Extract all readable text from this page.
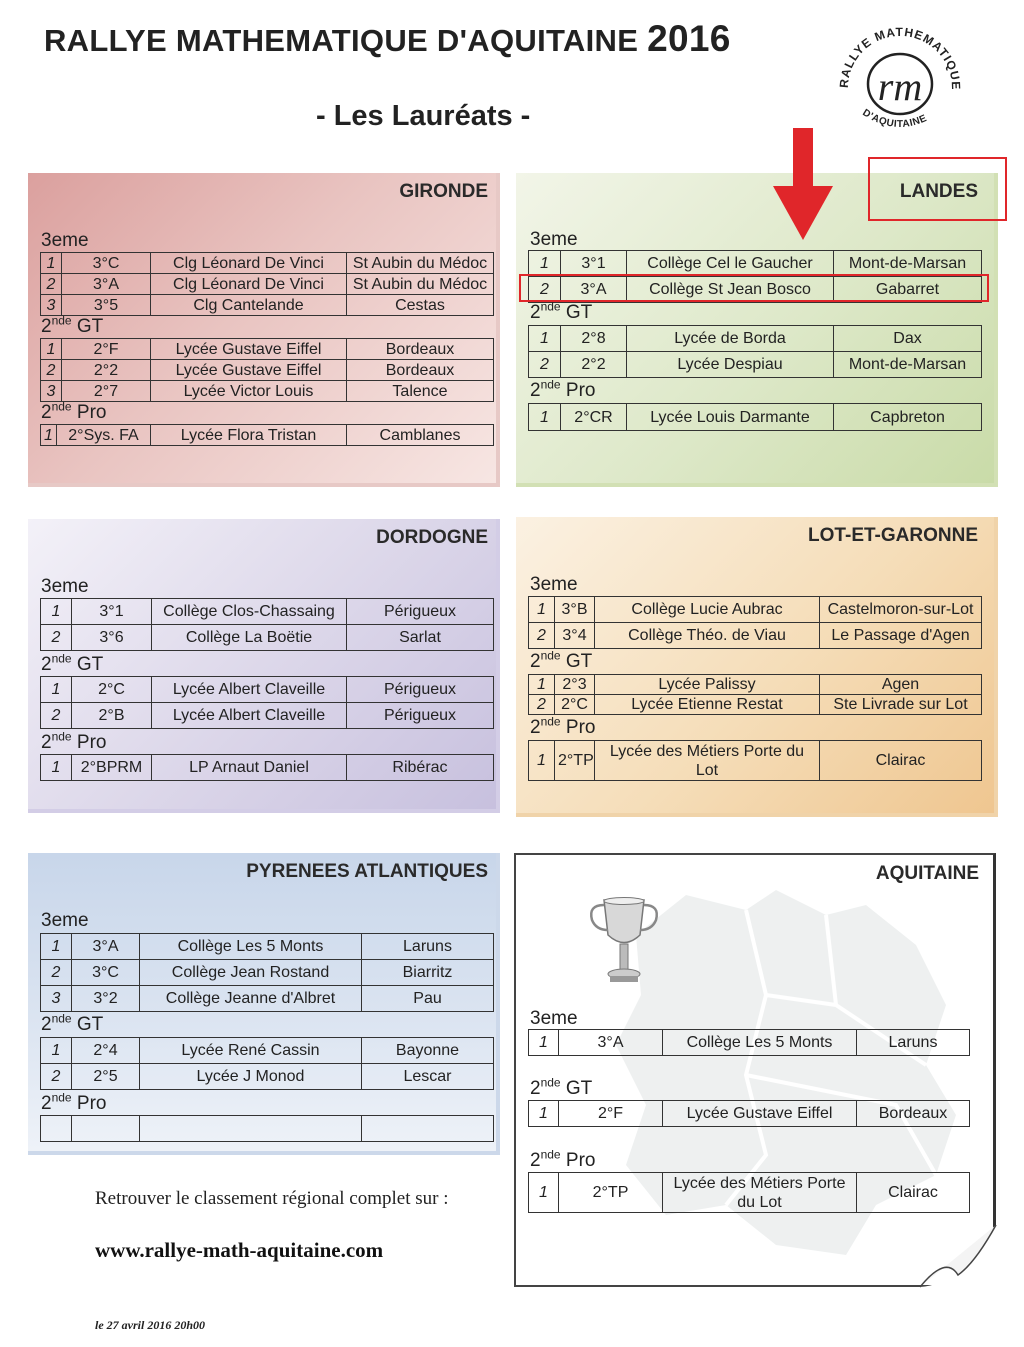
RALLYE MATHEMATIQUE D'AQUITAINE 2016
- Les Lauréats -
RALLYE MATHEMATIQUE
rm
D'AQUITAINE
GIRONDE
3eme
1	3°C	Clg Léonard De Vinci	St Aubin du Médoc
2	3°A	Clg Léonard De Vinci	St Aubin du Médoc
3	3°5	Clg Cantelande	Cestas
2nde GT
1	2°F	Lycée Gustave Eiffel	Bordeaux
2	2°2	Lycée Gustave Eiffel	Bordeaux
3	2°7	Lycée Victor Louis	Talence
2nde Pro
1	2°Sys. FA	Lycée Flora Tristan	Camblanes
LANDES
3eme
1	3°1	Collège Cel le Gaucher	Mont-de-Marsan
2	3°A	Collège St Jean Bosco	Gabarret
2nde GT
1	2°8	Lycée de Borda	Dax
2	2°2	Lycée Despiau	Mont-de-Marsan
2nde Pro
1	2°CR	Lycée Louis Darmante	Capbreton
DORDOGNE
3eme
1	3°1	Collège Clos-Chassaing	Périgueux
2	3°6	Collège La Boëtie	Sarlat
2nde GT
1	2°C	Lycée Albert Claveille	Périgueux
2	2°B	Lycée Albert Claveille	Périgueux
2nde Pro
1	2°BPRM	LP Arnaut Daniel	Ribérac
LOT-ET-GARONNE
3eme
1	3°B	Collège Lucie Aubrac	Castelmoron-sur-Lot
2	3°4	Collège Théo. de Viau	Le Passage d'Agen
2nde GT
1	2°3	Lycée Palissy	Agen
2	2°C	Lycée Etienne Restat	Ste Livrade sur Lot
2nde Pro
1	2°TP	Lycée des Métiers Porte du Lot	Clairac
PYRENEES ATLANTIQUES
3eme
1	3°A	Collège Les 5 Monts	Laruns
2	3°C	Collège Jean Rostand	Biarritz
3	3°2	Collège Jeanne d'Albret	Pau
2nde GT
1	2°4	Lycée René Cassin	Bayonne
2	2°5	Lycée J Monod	Lescar
2nde Pro

AQUITAINE
3eme
1	3°A	Collège Les 5 Monts	Laruns
2nde GT
1	2°F	Lycée Gustave Eiffel	Bordeaux
2nde Pro
1	2°TP	Lycée des Métiers Porte du Lot	Clairac
Retrouver le classement régional complet sur :
www.rallye-math-aquitaine.com
le 27 avril 2016 20h00
